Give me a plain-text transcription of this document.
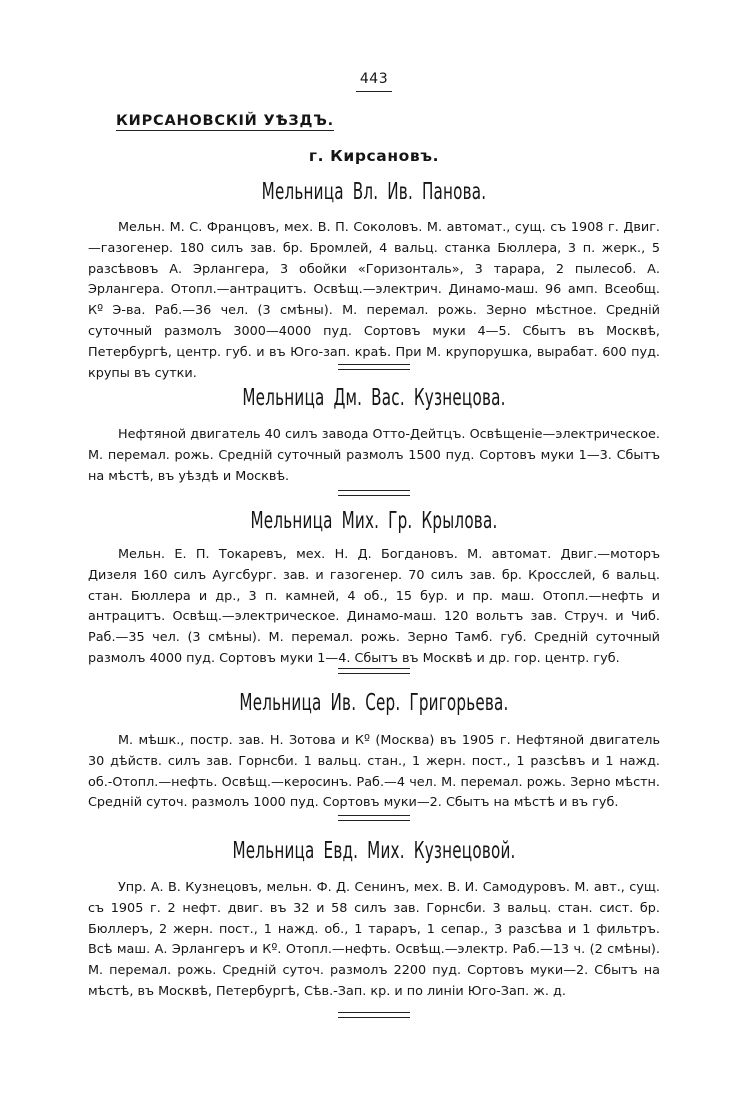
443
КИРСАНОВСКІЙ УѢЗДЪ.
г. Кирсановъ.
Мельница Вл. Ив. Панова.
Мельн. М. С. Францовъ, мех. В. П. Соколовъ. М. автомат., сущ. съ 1908 г. Двиг.—газогенер. 180 силъ зав. бр. Бромлей, 4 вальц. станка Бюллера, 3 п. жерк., 5 разсѣвовъ А. Эрлангера, 3 обойки «Горизонталь», 3 тарара, 2 пылесоб. А. Эрлангера. Отопл.—антрацитъ. Освѣщ.—электрич. Динамо-маш. 96 амп. Всеобщ. Кº Э-ва. Раб.—36 чел. (3 смѣны). М. перемал. рожь. Зерно мѣстное. Средній суточный размолъ 3000—4000 пуд. Сортовъ муки 4—5. Сбытъ въ Москвѣ, Петербургѣ, центр. губ. и въ Юго-зап. краѣ. При М. крупорушка, вырабат. 600 пуд. крупы въ сутки.
Мельница Дм. Вас. Кузнецова.
Нефтяной двигатель 40 силъ завода Отто-Дейтцъ. Освѣщеніе—электрическое. М. перемал. рожь. Средній суточный размолъ 1500 пуд. Сортовъ муки 1—3. Сбытъ на мѣстѣ, въ уѣздѣ и Москвѣ.
Мельница Мих. Гр. Крылова.
Мельн. Е. П. Токаревъ, мех. Н. Д. Богдановъ. М. автомат. Двиг.—моторъ Дизеля 160 силъ Аугсбург. зав. и газогенер. 70 силъ зав. бр. Кросслей, 6 вальц. стан. Бюллера и др., 3 п. камней, 4 об., 15 бур. и пр. маш. Отопл.—нефть и антрацитъ. Освѣщ.—электрическое. Динамо-маш. 120 вольтъ зав. Струч. и Чиб. Раб.—35 чел. (3 смѣны). М. перемал. рожь. Зерно Тамб. губ. Средній суточный размолъ 4000 пуд. Сортовъ муки 1—4. Сбытъ въ Москвѣ и др. гор. центр. губ.
Мельница Ив. Сер. Григорьева.
М. мѣшк., постр. зав. Н. Зотова и Кº (Москва) въ 1905 г. Нефтяной двигатель 30 дѣйств. силъ зав. Горнсби. 1 вальц. стан., 1 жерн. пост., 1 разсѣвъ и 1 нажд. об.-Отопл.—нефть. Освѣщ.—керосинъ. Раб.—4 чел. М. перемал. рожь. Зерно мѣстн. Средній суточ. размолъ 1000 пуд. Сортовъ муки—2. Сбытъ на мѣстѣ и въ губ.
Мельница Евд. Мих. Кузнецовой.
Упр. А. В. Кузнецовъ, мельн. Ф. Д. Сенинъ, мех. В. И. Самодуровъ. М. авт., сущ. съ 1905 г. 2 нефт. двиг. въ 32 и 58 силъ зав. Горнсби. 3 вальц. стан. сист. бр. Бюллеръ, 2 жерн. пост., 1 нажд. об., 1 тараръ, 1 сепар., 3 разсѣва и 1 фильтръ. Всѣ маш. А. Эрлангеръ и Кº. Отопл.—нефть. Освѣщ.—электр. Раб.—13 ч. (2 смѣны). М. перемал. рожь. Средній суточ. размолъ 2200 пуд. Сортовъ муки—2. Сбытъ на мѣстѣ, въ Москвѣ, Петербургѣ, Сѣв.-Зап. кр. и по линіи Юго-Зап. ж. д.
